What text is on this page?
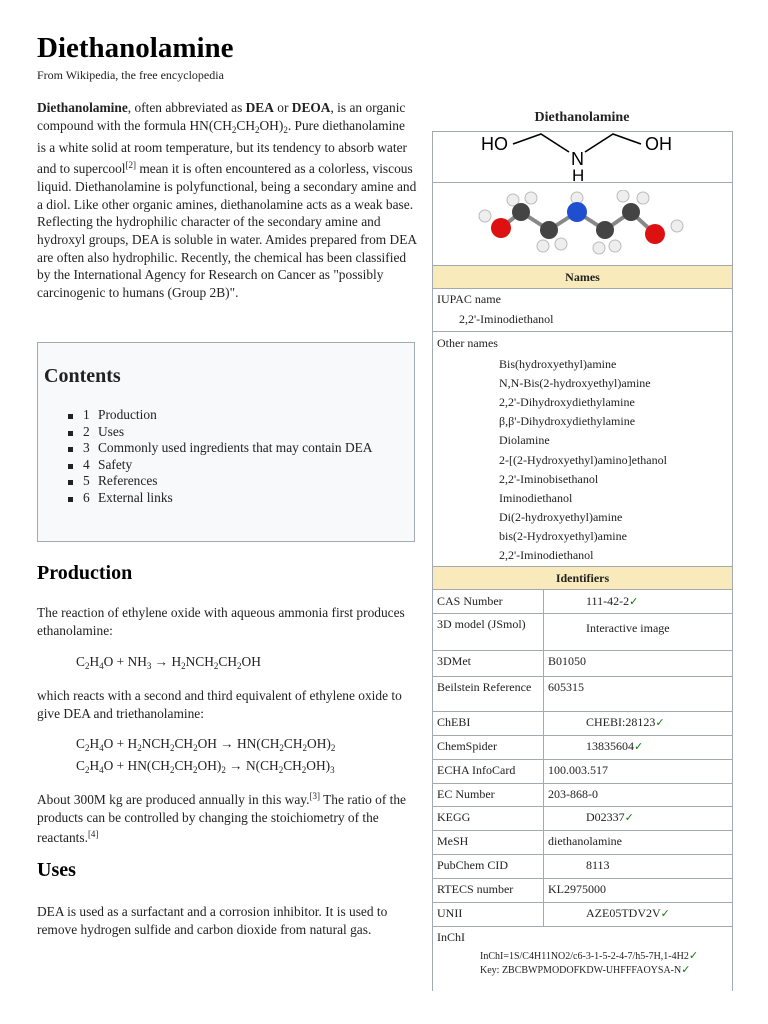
Diethanolamine
From Wikipedia, the free encyclopedia

Diethanolamine, often abbreviated as DEA or DEOA, is an organic compound with the formula $HN(CH_2CH_2OH)_2$. Pure diethanolamine is a white solid at room temperature, but its tendency to absorb water and to supercool[2] mean it is often encountered as a colorless, viscous liquid. Diethanolamine is polyfunctional, being a secondary amine and a diol. Like other organic amines, diethanolamine acts as a weak base. Reflecting the hydrophilic character of the secondary amine and hydroxyl groups, DEA is soluble in water. Amides prepared from DEA are often also hydrophilic. Recently, the chemical has been classified by the International Agency for Research on Cancer as "possibly carcinogenic to humans (Group 2B)".

Contents
1 Production
2 Uses
3 Commonly used ingredients that may contain DEA
4 Safety
5 References
6 External links
Production

The reaction of ethylene oxide with aqueous ammonia first produces ethanolamine:

$C_2H_4O + NH_3 \to H_2NCH_2CH_2OH$

which reacts with a second and third equivalent of ethylene oxide to give DEA and triethanolamine:

$C_2H_4O + H_2NCH_2CH_2OH \to HN(CH_2CH_2OH)_2$
$C_2H_4O + HN(CH_2CH_2OH)_2 \to N(CH_2CH_2OH)_3$

About 300M kg are produced annually in this way.[3] The ratio of the products can be controlled by changing the stoichiometry of the reactants.[4]

Uses

DEA is used as a surfactant and a corrosion inhibitor. It is used to remove hydrogen sulfide and carbon dioxide from natural gas.

Diethanolamine
HO
N
H
OH
Names
IUPAC name
2,2'-Iminodiethanol
Other names
Bis(hydroxyethyl)amine
N,N-Bis(2-hydroxyethyl)amine
2,2'-Dihydroxydiethylamine
β,β'-Dihydroxydiethylamine
Diolamine
2-[(2-Hydroxyethyl)amino]ethanol
2,2'-Iminobisethanol
Iminodiethanol
Di(2-hydroxyethyl)amine
bis(2-Hydroxyethyl)amine
2,2'-Iminodiethanol
Identifiers
CAS Number	111-42-2✓
3D model (JSmol)	Interactive image
3DMet	B01050
Beilstein Reference	605315
ChEBI	CHEBI:28123✓
ChemSpider	13835604✓
ECHA InfoCard	100.003.517
EC Number	203-868-0
KEGG	D02337✓
MeSH	diethanolamine
PubChem CID	8113
RTECS number	KL2975000
UNII	AZE05TDV2V✓
InChI
InChI=1S/C4H11NO2/c6-3-1-5-2-4-7/h5-7H,1-4H2✓
Key: ZBCBWPMODOFKDW-UHFFFAOYSA-N✓
